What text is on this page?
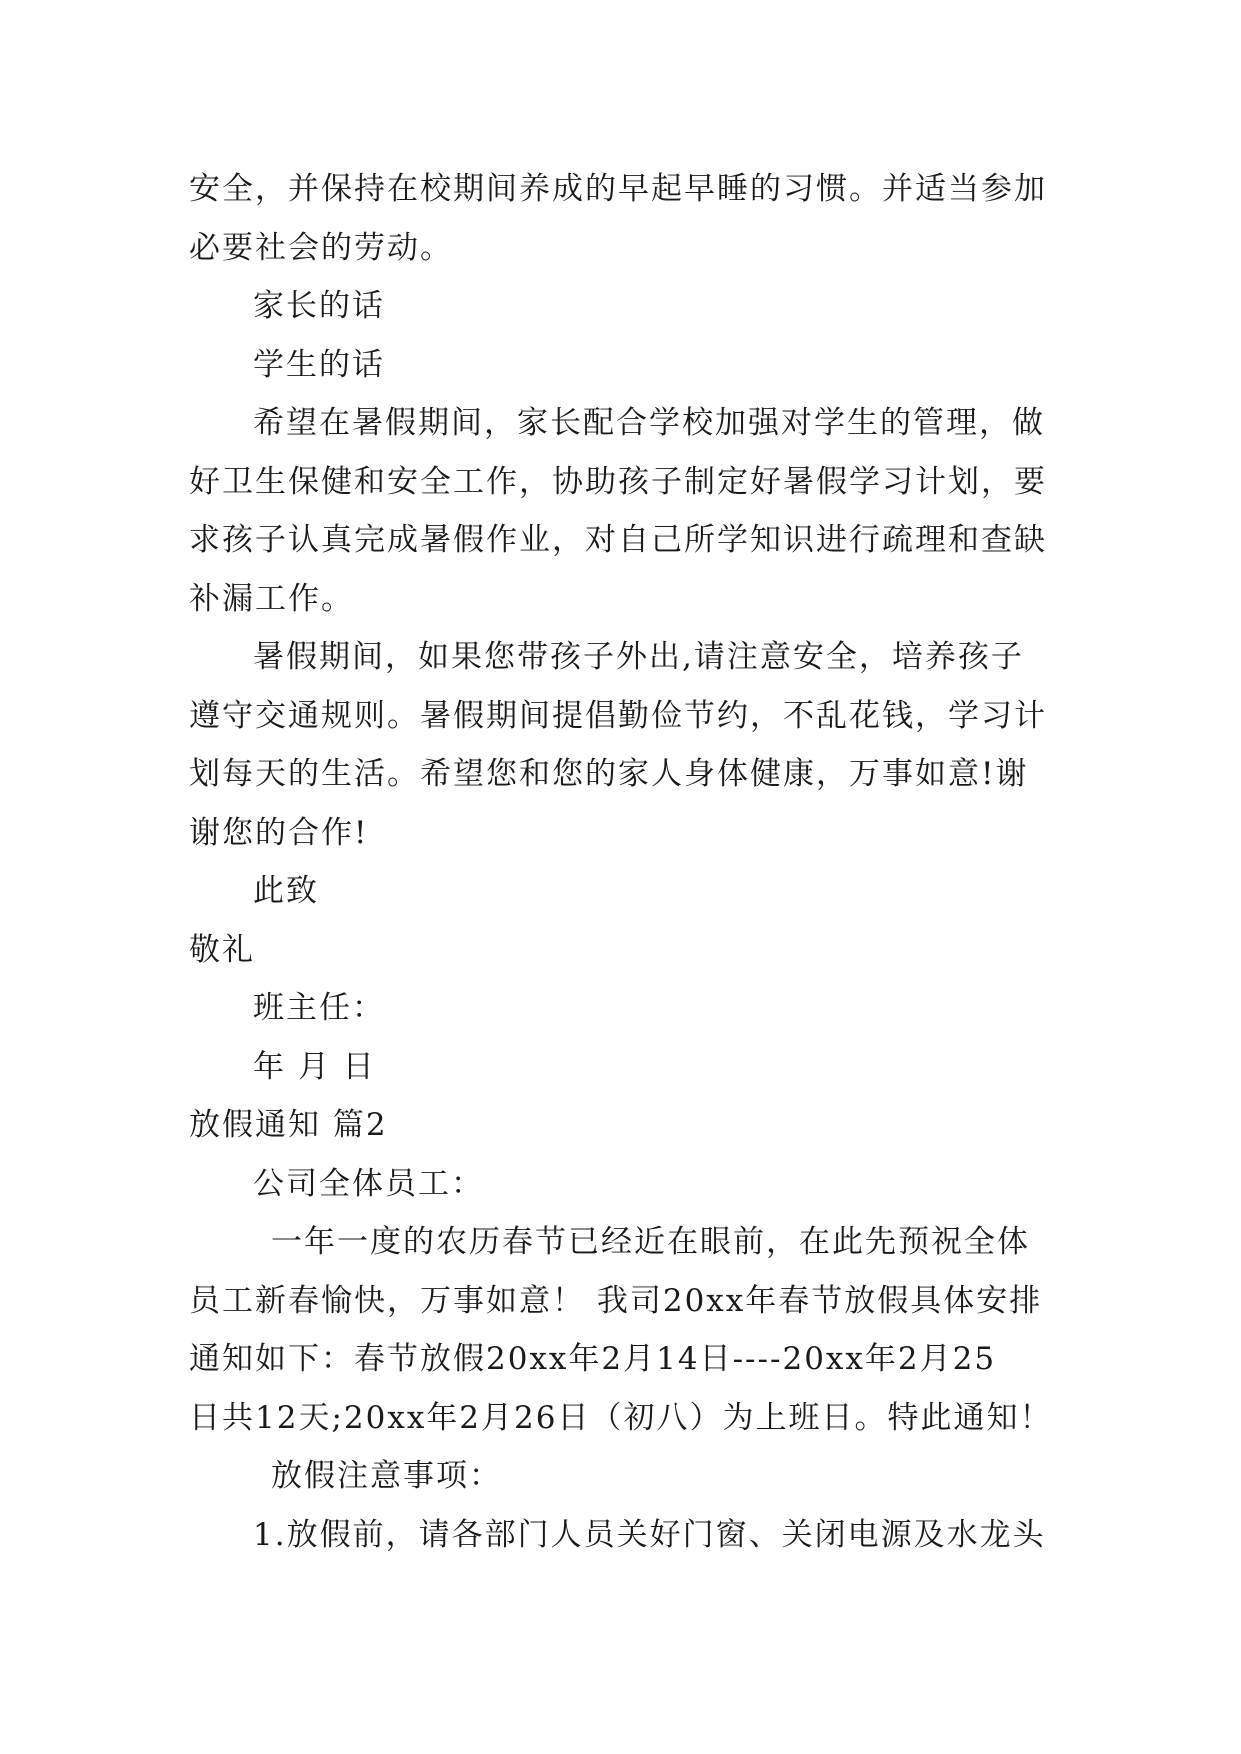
安全，并保持在校期间养成的早起早睡的习惯。并适当参加
必要社会的劳动。
家长的话
学生的话
希望在暑假期间，家长配合学校加强对学生的管理，做
好卫生保健和安全工作，协助孩子制定好暑假学习计划，要
求孩子认真完成暑假作业，对自己所学知识进行疏理和查缺
补漏工作。
暑假期间，如果您带孩子外出,请注意安全，培养孩子
遵守交通规则。暑假期间提倡勤俭节约，不乱花钱，学习计
划每天的生活。希望您和您的家人身体健康，万事如意!谢
谢您的合作!
此致
敬礼
班主任：
年 月 日
放假通知 篇2
公司全体员工：
一年一度的农历春节已经近在眼前，在此先预祝全体
员工新春愉快，万事如意！ 我司20xx年春节放假具体安排
通知如下：春节放假20xx年2月14日----20xx年2月25
日共12天;20xx年2月26日（初八）为上班日。特此通知！
放假注意事项：
1.放假前，请各部门人员关好门窗、关闭电源及水龙头
